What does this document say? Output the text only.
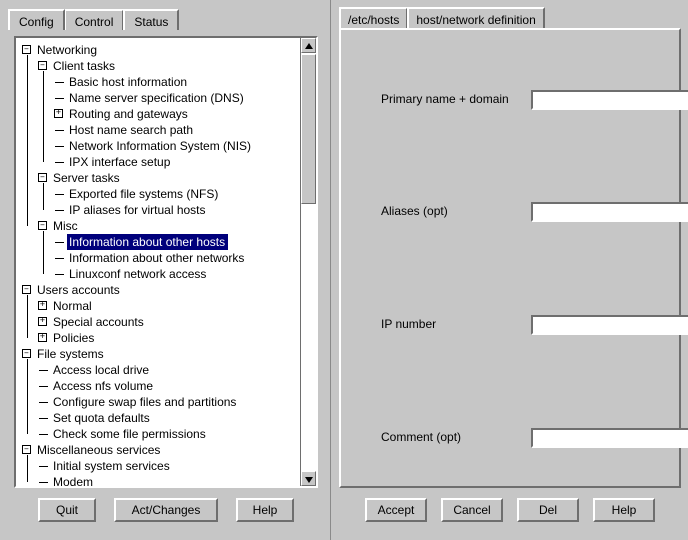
Config	Control	Status
– Networking
– Client tasks
Basic host information
Name server specification (DNS)
+ Routing and gateways
Host name search path
Network Information System (NIS)
IPX interface setup
– Server tasks
Exported file systems (NFS)
IP aliases for virtual hosts
– Misc
Information about other hosts
Information about other networks
Linuxconf network access
– Users accounts
+ Normal
+ Special accounts
+ Policies
– File systems
Access local drive
Access nfs volume
Configure swap files and partitions
Set quota defaults
Check some file permissions
– Miscellaneous services
Initial system services
Modem
Quit	Act/Changes	Help
/etc/hosts	host/network definition
Primary name + domain
Aliases (opt)
IP number
Comment (opt)
Accept	Cancel	Del	Help
